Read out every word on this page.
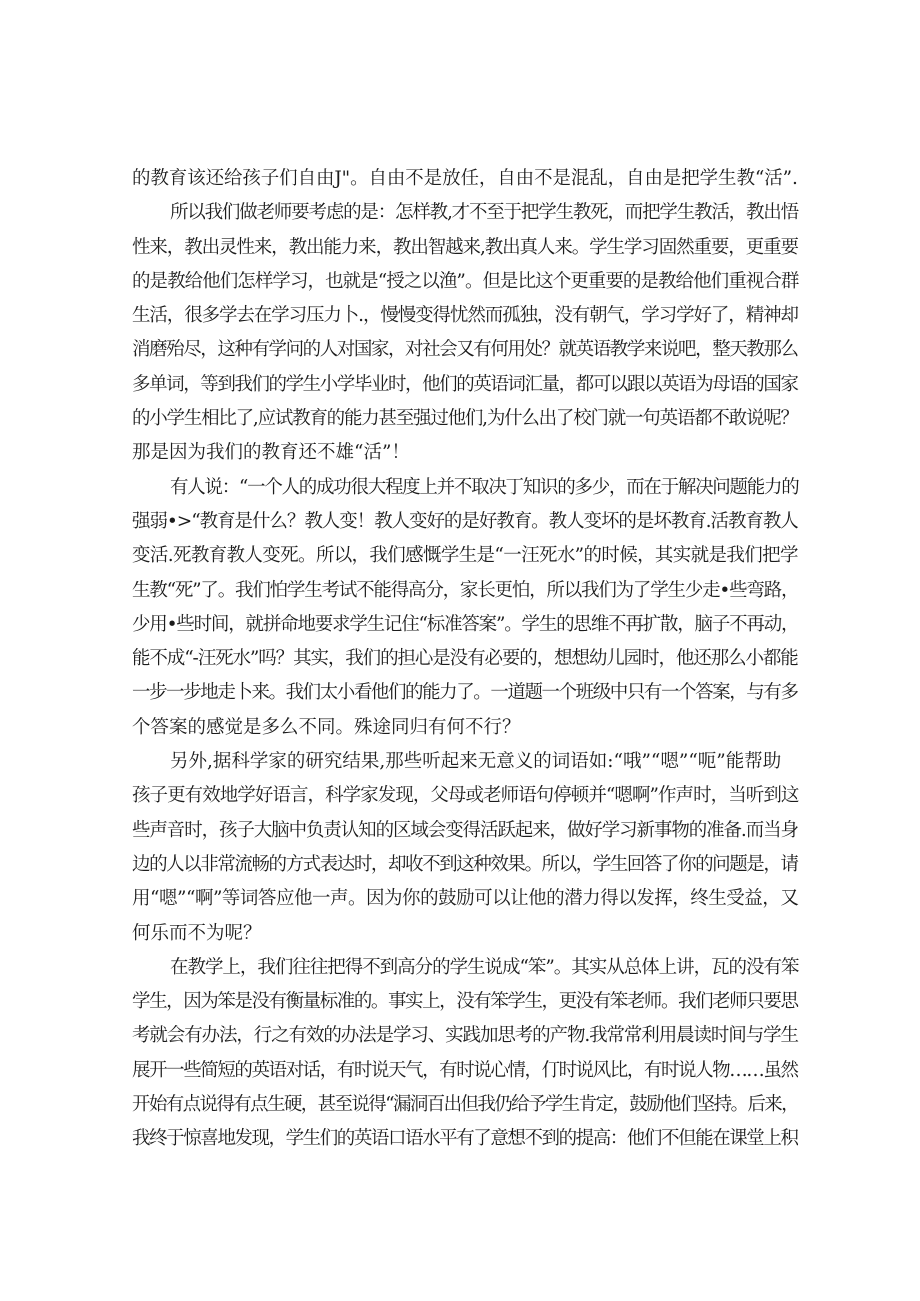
的教育该还给孩子们自由J"。自由不是放任，自由不是混乱，自由是把学生教“活”.
所以我们做老师要考虑的是：怎样教,才不至于把学生教死，而把学生教活，教出悟
性来，教出灵性来，教出能力来，教出智越来,教出真人来。学生学习固然重要，更重要
的是教给他们怎样学习，也就是“授之以渔”。但是比这个更重要的是教给他们重视合群
生活，很多学去在学习压力卜.，慢慢变得忧然而孤独，没有朝气，学习学好了，精神却
消磨殆尽，这种有学问的人对国家，对社会又有何用处？就英语教学来说吧，整天教那么
多单词，等到我们的学生小学毕业时，他们的英语词汇量，都可以跟以英语为母语的国家
的小学生相比了,应试教育的能力甚至强过他们,为什么出了校门就一句英语都不敢说呢？
那是因为我们的教育还不雄“活”！
有人说：“一个人的成功很大程度上并不取决丁知识的多少，而在于解决问题能力的
强弱•>“教育是什么？教人变！教人变好的是好教育。教人变坏的是坏教育.活教育教人
变活.死教育教人变死。所以，我们感慨学生是“一汪死水”的时候，其实就是我们把学
生教“死”了。我们怕学生考试不能得高分，家长更怕，所以我们为了学生少走•些弯路，
少用•些时间，就拼命地要求学生记住“标准答案”。学生的思维不再扩散，脑子不再动，
能不成“-汪死水”吗？其实，我们的担心是没有必要的，想想幼儿园时，他还那么小都能
一步一步地走卜来。我们太小看他们的能力了。一道题一个班级中只有一个答案，与有多
个答案的感觉是多么不同。殊途同归有何不行？
另外,据科学家的研究结果,那些听起来无意义的词语如:“哦”“嗯”“呃”能帮助
孩子更有效地学好语言，科学家发现，父母或老师语句停顿并“嗯啊”作声时，当听到这
些声音时，孩子大脑中负责认知的区域会变得活跃起来，做好学习新事物的准备.而当身
边的人以非常流畅的方式表达时，却收不到这种效果。所以，学生回答了你的问题是，请
用“嗯”“啊”等词答应他一声。因为你的鼓励可以让他的潜力得以发挥，终生受益，又
何乐而不为呢？
在教学上，我们往往把得不到高分的学生说成“笨”。其实从总体上讲，瓦的没有笨
学生，因为笨是没有衡量标准的。事实上，没有笨学生，更没有笨老师。我们老师只要思
考就会有办法，行之有效的办法是学习、实践加思考的产物.我常常利用晨读时间与学生
展开一些简短的英语对话，有时说天气，有时说心情，仃时说风比，有时说人物……虽然
开始有点说得有点生硬，甚至说得“漏洞百出但我仍给予学生肯定，鼓励他们坚持。后来，
我终于惊喜地发现，学生们的英语口语水平有了意想不到的提高：他们不但能在课堂上积
